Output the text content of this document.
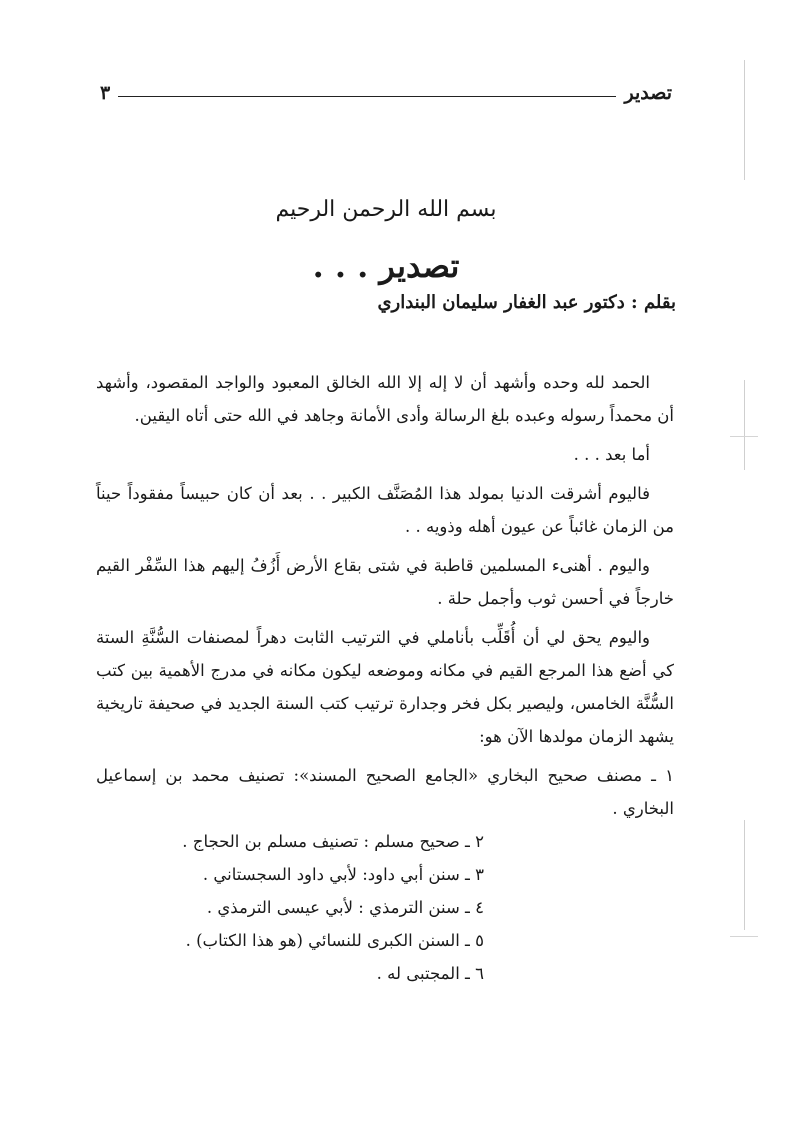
تصدير
٣
بسم الله الرحمن الرحيم
تصدير . . .
بقلم : دكتور عبد الغفار سليمان البنداري

الحمد لله وحده وأشهد أن لا إله إلا الله الخالق المعبود والواجد المقصود، وأشهد أن محمداً رسوله وعبده بلغ الرسالة وأدى الأمانة وجاهد في الله حتى أتاه اليقين.

أما بعد . . .

فاليوم أشرقت الدنيا بمولد هذا المُصَنَّف الكبير . . بعد أن كان حبيساً مفقوداً حيناً من الزمان غائباً عن عيون أهله وذويه . .

واليوم . أهنىء المسلمين قاطبة في شتى بقاع الأرض أَزُفُ إليهم هذا السِّفْر القيم خارجاً في أحسن ثوب وأجمل حلة .

واليوم يحق لي أن أُقَلِّب بأناملي في الترتيب الثابت دهراً لمصنفات السُّنَّةِ الستة كي أضع هذا المرجع القيم في مكانه وموضعه ليكون مكانه في مدرج الأهمية بين كتب السُّنَّة الخامس، وليصير بكل فخر وجدارة ترتيب كتب السنة الجديد في صحيفة تاريخية يشهد الزمان مولدها الآن هو:

١ ـ مصنف صحيح البخاري «الجامع الصحيح المسند»: تصنيف محمد بن إسماعيل البخاري .
٢ ـ صحيح مسلم : تصنيف مسلم بن الحجاج .
٣ ـ سنن أبي داود: لأبي داود السجستاني .
٤ ـ سنن الترمذي : لأبي عيسى الترمذي .
٥ ـ السنن الكبرى للنسائي (هو هذا الكتاب) .
٦ ـ المجتبى له .
